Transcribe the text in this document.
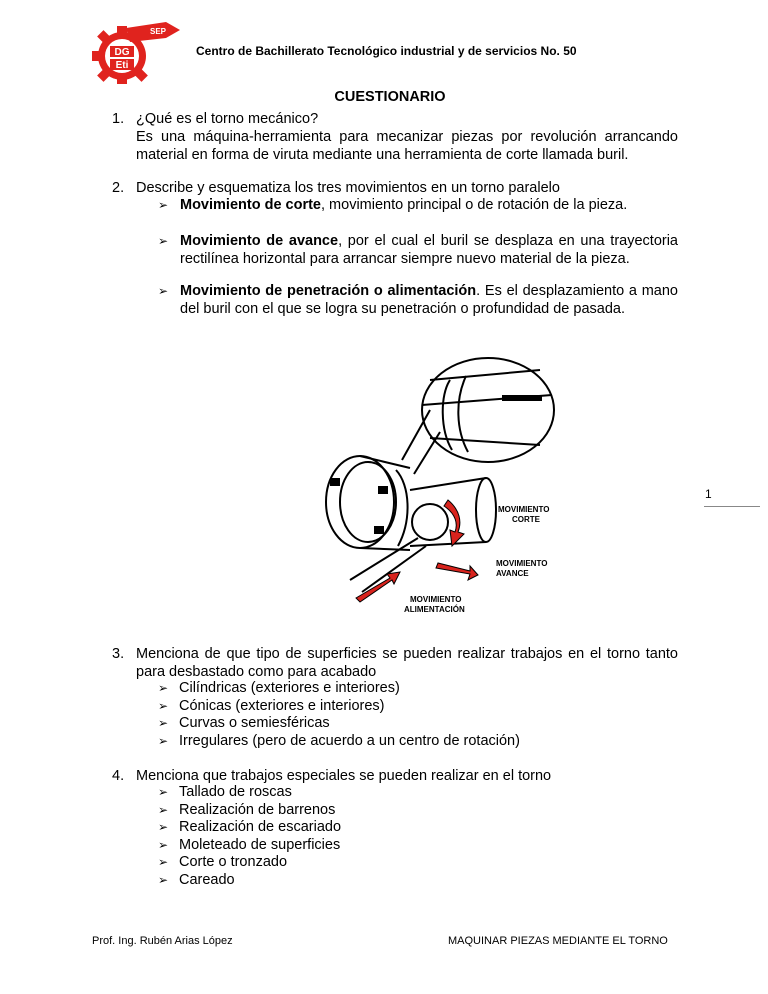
SEP
DG
Eti
DGETI
Centro de Bachillerato Tecnológico industrial y de servicios No. 50
CUESTIONARIO
1. ¿Qué es el torno mecánico?
Es una máquina-herramienta para mecanizar piezas por revolución arrancando material en forma de viruta mediante una herramienta de corte llamada buril.
2. Describe y esquematiza los tres movimientos en un torno paralelo
➢ Movimiento de corte, movimiento principal o de rotación de la pieza.
➢ Movimiento de avance, por el cual el buril se desplaza en una trayectoria rectilínea horizontal para arrancar siempre nuevo material de la pieza.
➢ Movimiento de penetración o alimentación. Es el desplazamiento a mano del buril con el que se logra su penetración o profundidad de pasada.
MOVIMIENTO
CORTE
MOVIMIENTO
AVANCE
MOVIMIENTO
ALIMENTACIÓN
1
3. Menciona de que tipo de superficies se pueden realizar trabajos en el torno tanto para desbastado como para acabado
➢ Cilíndricas (exteriores e interiores)
➢ Cónicas (exteriores e interiores)
➢ Curvas o semiesféricas
➢ Irregulares (pero de acuerdo a un centro de rotación)
4. Menciona que trabajos especiales se pueden realizar en el torno
➢ Tallado de roscas
➢ Realización de barrenos
➢ Realización de escariado
➢ Moleteado de superficies
➢ Corte o tronzado
➢ Careado
Prof. Ing. Rubén Arias López	MAQUINAR PIEZAS MEDIANTE EL TORNO
